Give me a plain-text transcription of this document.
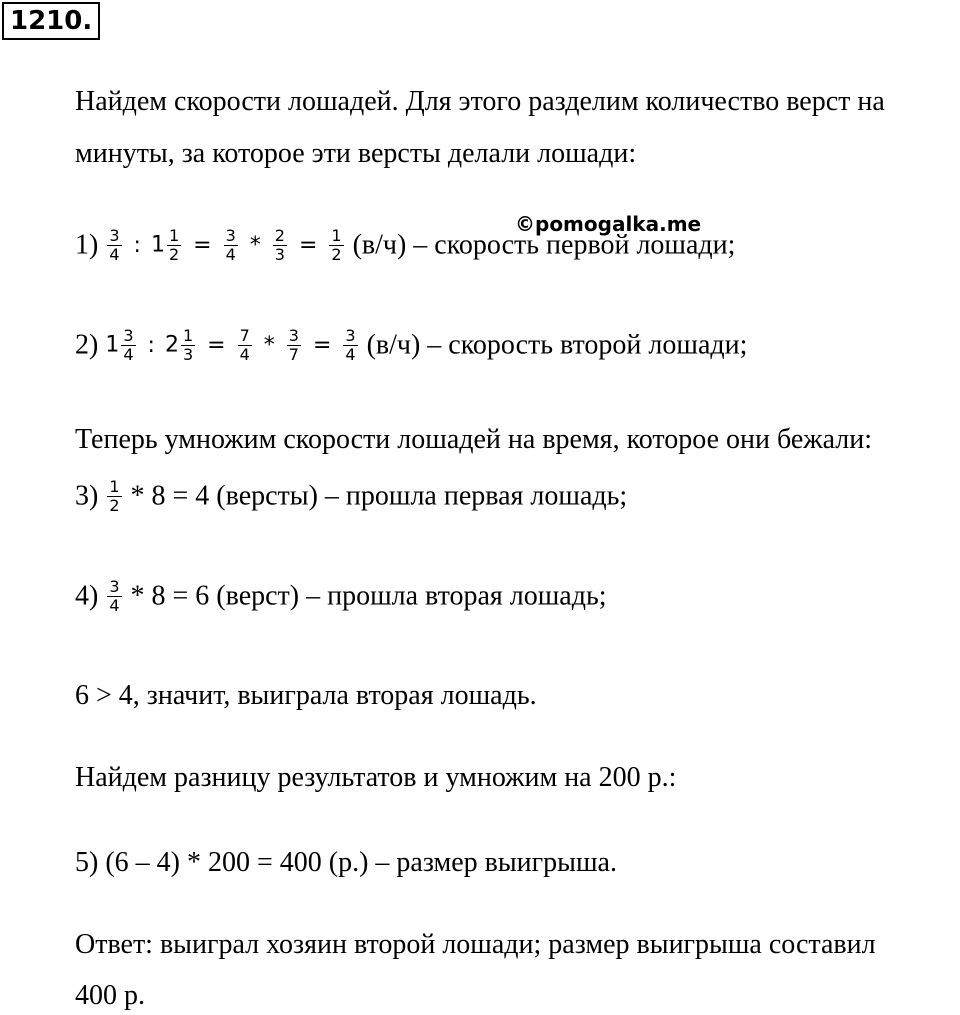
1210.
Найдем скорости лошадей. Для этого разделим количество верст на
минуты, за которое эти версты делали лошади:
©pomogalka.me
$1) \frac{3}{4}$ : $1 \frac{1}{2} = \frac{3}{4} * \frac{2}{3} = \frac{1}{2} (в/ч)$ – скорость первой лошади;
2) $1 \frac{3}{4}$ : $2 \frac{1}{3} = \frac{7}{4} * \frac{3}{7} = \frac{3}{4} (в/ч)$ – скорость второй лошади;
Теперь умножим скорости лошадей на время, которое они бежали:
$3) \frac{1}{2} * 8 = 4$ (версты) – прошла первая лошадь;
$4) \frac{3}{4} * 8 = 6$ (верст) – прошла вторая лошадь;
6 > 4, значит, выиграла вторая лошадь.
Найдем разницу результатов и умножим на 200 р.:
5) (6 – 4) * 200 = 400 (р.) – размер выигрыша.
Ответ: выиграл хозяин второй лошади; размер выигрыша составил
400 р.
